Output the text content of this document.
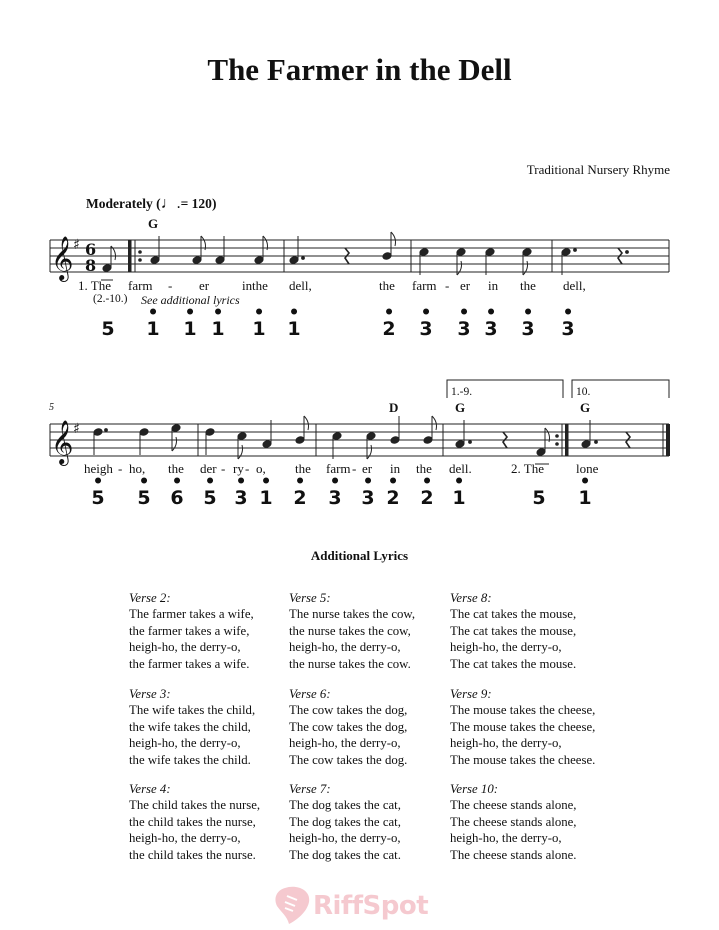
The Farmer in the Dell
Traditional Nursery Rhyme
Moderately (♩.= 120)
G
D	G	G
1.-9.	10.
5
𝄞
𝄞
♯
♯
6
8
1. The farm - er	in the dell,	the farm - er in the dell,
(2.-10.) See additional lyrics
5 1
•
1
•
1
•
1
•
1
•
2
•
3
•
3
•
3
•
3
•
3
•
heigh - ho, the der - ry - o, the farm - er in the dell.	2. The lone
5
•
5
•
6
•
5
•
3
•
1
•
2
•
3
•
3
•
2
•
2
•
1
•
5 1
•
Additional Lyrics
Verse 2:
The farmer takes a wife,
the farmer takes a wife,
heigh-ho, the derry-o,
the farmer takes a wife.
Verse 3:
The wife takes the child,
the wife takes the child,
heigh-ho, the derry-o,
the wife takes the child.
Verse 4:
The child takes the nurse,
the child takes the nurse,
heigh-ho, the derry-o,
the child takes the nurse.
Verse 5:
The nurse takes the cow,
the nurse takes the cow,
heigh-ho, the derry-o,
the nurse takes the cow.
Verse 6:
The cow takes the dog,
The cow takes the dog,
heigh-ho, the derry-o,
The cow takes the dog.
Verse 7:
The dog takes the cat,
The dog takes the cat,
heigh-ho, the derry-o,
The dog takes the cat.
Verse 8:
The cat takes the mouse,
The cat takes the mouse,
heigh-ho, the derry-o,
The cat takes the mouse.
Verse 9:
The mouse takes the cheese,
The mouse takes the cheese,
heigh-ho, the derry-o,
The mouse takes the cheese.
Verse 10:
The cheese stands alone,
The cheese stands alone,
heigh-ho, the derry-o,
The cheese stands alone.
RiffSpot
